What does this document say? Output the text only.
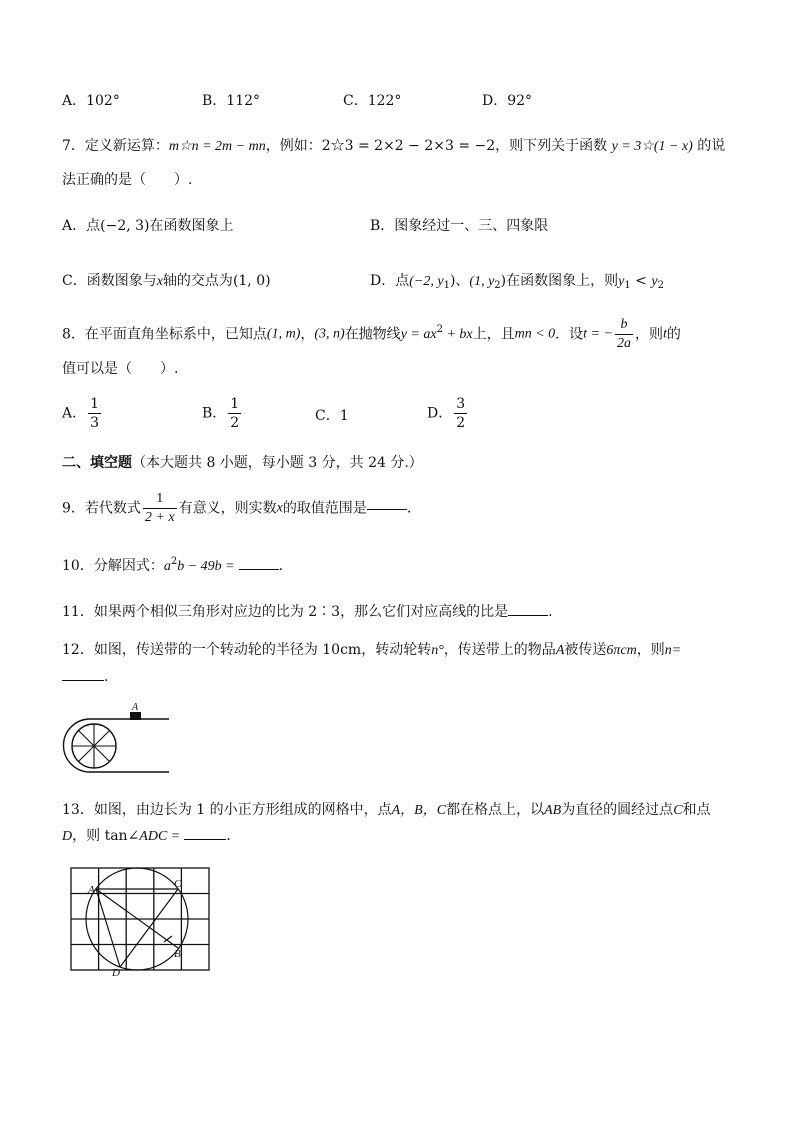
A．102°	B．112°	C．122°	D．92°
7．定义新运算：m☆n = 2m − mn，例如：2☆3 = 2×2 − 2×3 = −2，则下列关于函数 y = 3☆(1 − x) 的说
法正确的是（　　）.
A．点(−2, 3)在函数图象上	B．图象经过一、三、四象限
C．函数图象与x轴的交点为(1, 0)	D．点(−2, $y_1$)、(1, $y_2$)在函数图象上，则$y_1 < y_2$
8．在平面直角坐标系中，已知点(1, m)，(3, n)在抛物线$y = ax^2$ + bx上，且mn < 0．设t = − $\frac{b}{2a}$ ，则t的
值可以是（　　）.
A． $\frac{1}{3}$	B． $\frac{1}{2}$	C．1	D． $\frac{3}{2}$
二、填空题（本大题共 8 小题，每小题 3 分，共 24 分.）
9．若代数式 $\frac{1}{2 + x}$ 有意义，则实数x的取值范围是	.
10．分解因式：$a^2b - 49b$ =	.
11．如果两个相似三角形对应边的比为 2∶3，那么它们对应高线的比是	.
12．如图，传送带的一个转动轮的半径为 10cm，转动轮转n°，传送带上的物品A被传送6πcm，则n=
.
A
13．如图，由边长为 1 的小正方形组成的网格中，点A，B，C都在格点上，以AB为直径的圆经过点C和点
D，则 tan∠ADC =	.
A	C
B
D
